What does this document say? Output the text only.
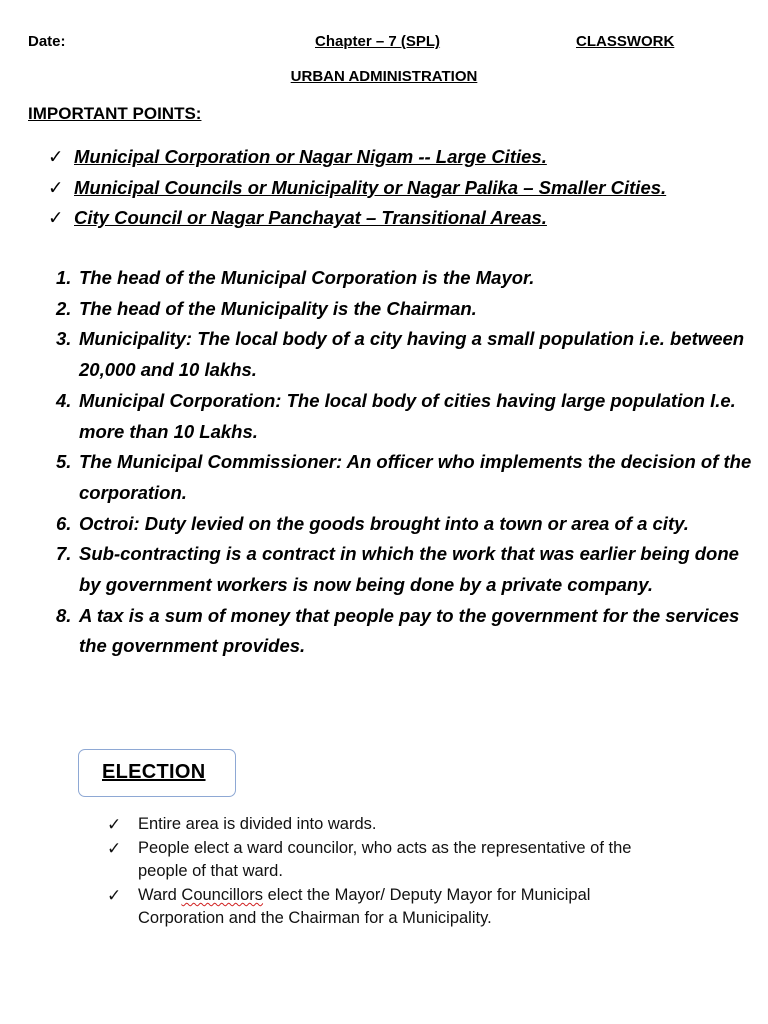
Date:	Chapter – 7 (SPL)	CLASSWORK
URBAN ADMINISTRATION
IMPORTANT POINTS:
✓ Municipal Corporation or Nagar Nigam -- Large Cities.
✓ Municipal Councils or Municipality or Nagar Palika – Smaller Cities.
✓ City Council or Nagar Panchayat – Transitional Areas.
1. The head of the Municipal Corporation is the Mayor.
2. The head of the Municipality is the Chairman.
3. Municipality: The local body of a city having a small population i.e. between 20,000 and 10 lakhs.
4. Municipal Corporation: The local body of cities having large population I.e. more than 10 Lakhs.
5. The Municipal Commissioner: An officer who implements the decision of the corporation.
6. Octroi: Duty levied on the goods brought into a town or area of a city.
7. Sub-contracting is a contract in which the work that was earlier being done by government workers is now being done by a private company.
8. A tax is a sum of money that people pay to the government for the services the government provides.
ELECTION
✓	Entire area is divided into wards.
✓	People elect a ward councilor, who acts as the representative of the people of that ward.
✓	Ward Councillors elect the Mayor/ Deputy Mayor for Municipal Corporation and the Chairman for a Municipality.
